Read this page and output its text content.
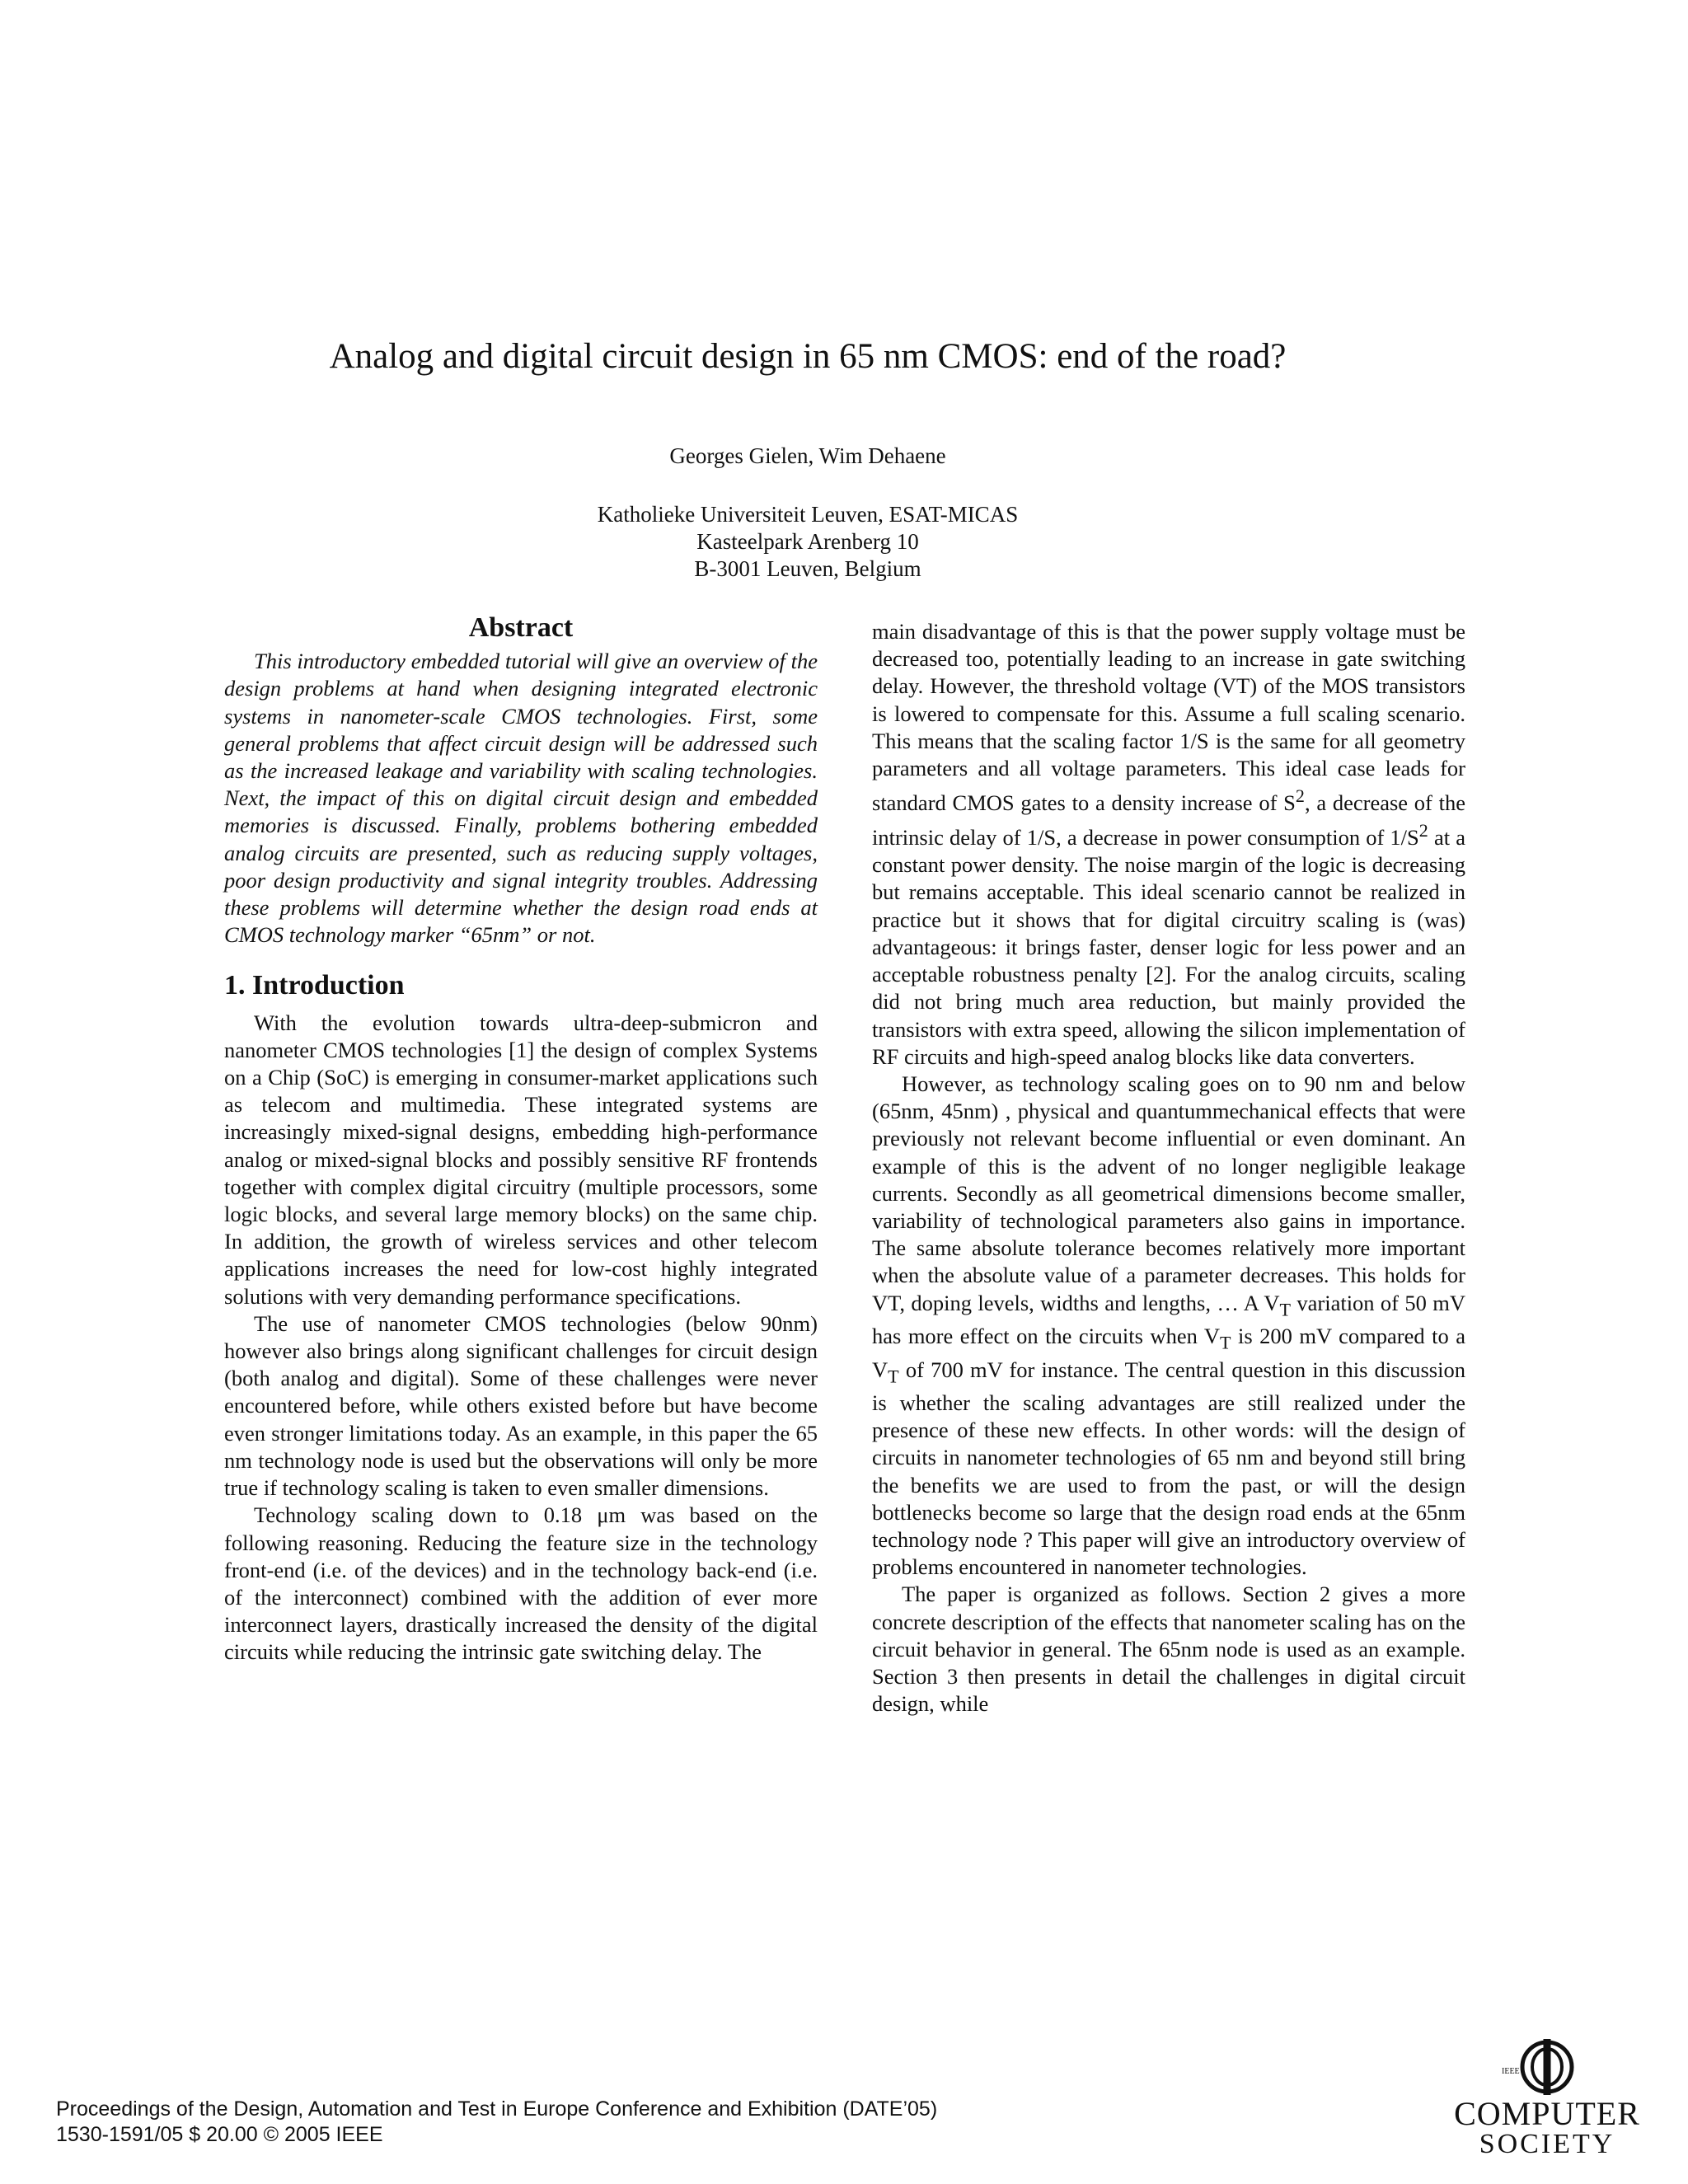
Analog and digital circuit design in 65 nm CMOS: end of the road?
Georges Gielen, Wim Dehaene
Katholieke Universiteit Leuven, ESAT-MICAS
Kasteelpark Arenberg 10
B-3001 Leuven, Belgium
Abstract

This introductory embedded tutorial will give an overview of the design problems at hand when designing integrated electronic systems in nanometer-scale CMOS technologies. First, some general problems that affect circuit design will be addressed such as the increased leakage and variability with scaling technologies. Next, the impact of this on digital circuit design and embedded memories is discussed. Finally, problems bothering embedded analog circuits are presented, such as reducing supply voltages, poor design productivity and signal integrity troubles. Addressing these problems will determine whether the design road ends at CMOS technology marker “65nm” or not.

1. Introduction

With the evolution towards ultra-deep-submicron and nanometer CMOS technologies [1] the design of complex Systems on a Chip (SoC) is emerging in consumer-market applications such as telecom and multimedia. These integrated systems are increasingly mixed-signal designs, embedding high-performance analog or mixed-signal blocks and possibly sensitive RF frontends together with complex digital circuitry (multiple processors, some logic blocks, and several large memory blocks) on the same chip. In addition, the growth of wireless services and other telecom applications increases the need for low-cost highly integrated solutions with very demanding performance specifications.

The use of nanometer CMOS technologies (below 90nm) however also brings along significant challenges for circuit design (both analog and digital). Some of these challenges were never encountered before, while others existed before but have become even stronger limitations today. As an example, in this paper the 65 nm technology node is used but the observations will only be more true if technology scaling is taken to even smaller dimensions.

Technology scaling down to 0.18 μm was based on the following reasoning. Reducing the feature size in the technology front-end (i.e. of the devices) and in the technology back-end (i.e. of the interconnect) combined with the addition of ever more interconnect layers, drastically increased the density of the digital circuits while reducing the intrinsic gate switching delay. The

main disadvantage of this is that the power supply voltage must be decreased too, potentially leading to an increase in gate switching delay. However, the threshold voltage (VT) of the MOS transistors is lowered to compensate for this. Assume a full scaling scenario. This means that the scaling factor 1/S is the same for all geometry parameters and all voltage parameters. This ideal case leads for standard CMOS gates to a density increase of $S^2$, a decrease of the intrinsic delay of 1/S, a decrease in power consumption of $1/S^2$ at a constant power density. The noise margin of the logic is decreasing but remains acceptable. This ideal scenario cannot be realized in practice but it shows that for digital circuitry scaling is (was) advantageous: it brings faster, denser logic for less power and an acceptable robustness penalty [2]. For the analog circuits, scaling did not bring much area reduction, but mainly provided the transistors with extra speed, allowing the silicon implementation of RF circuits and high-speed analog blocks like data converters.

However, as technology scaling goes on to 90 nm and below (65nm, 45nm) , physical and quantummechanical effects that were previously not relevant become influential or even dominant. An example of this is the advent of no longer negligible leakage currents. Secondly as all geometrical dimensions become smaller, variability of technological parameters also gains in importance. The same absolute tolerance becomes relatively more important when the absolute value of a parameter decreases. This holds for VT, doping levels, widths and lengths, … A $V_T$ variation of 50 mV has more effect on the circuits when $V_T$ is 200 mV compared to a $V_T$ of 700 mV for instance. The central question in this discussion is whether the scaling advantages are still realized under the presence of these new effects. In other words: will the design of circuits in nanometer technologies of 65 nm and beyond still bring the benefits we are used to from the past, or will the design bottlenecks become so large that the design road ends at the 65nm technology node ? This paper will give an introductory overview of problems encountered in nanometer technologies.

The paper is organized as follows. Section 2 gives a more concrete description of the effects that nanometer scaling has on the circuit behavior in general. The 65nm node is used as an example. Section 3 then presents in detail the challenges in digital circuit design, while

Proceedings of the Design, Automation and Test in Europe Conference and Exhibition (DATE’05)
1530-1591/05 $ 20.00 © 2005 IEEE
IEEE
COMPUTER
SOCIETY
